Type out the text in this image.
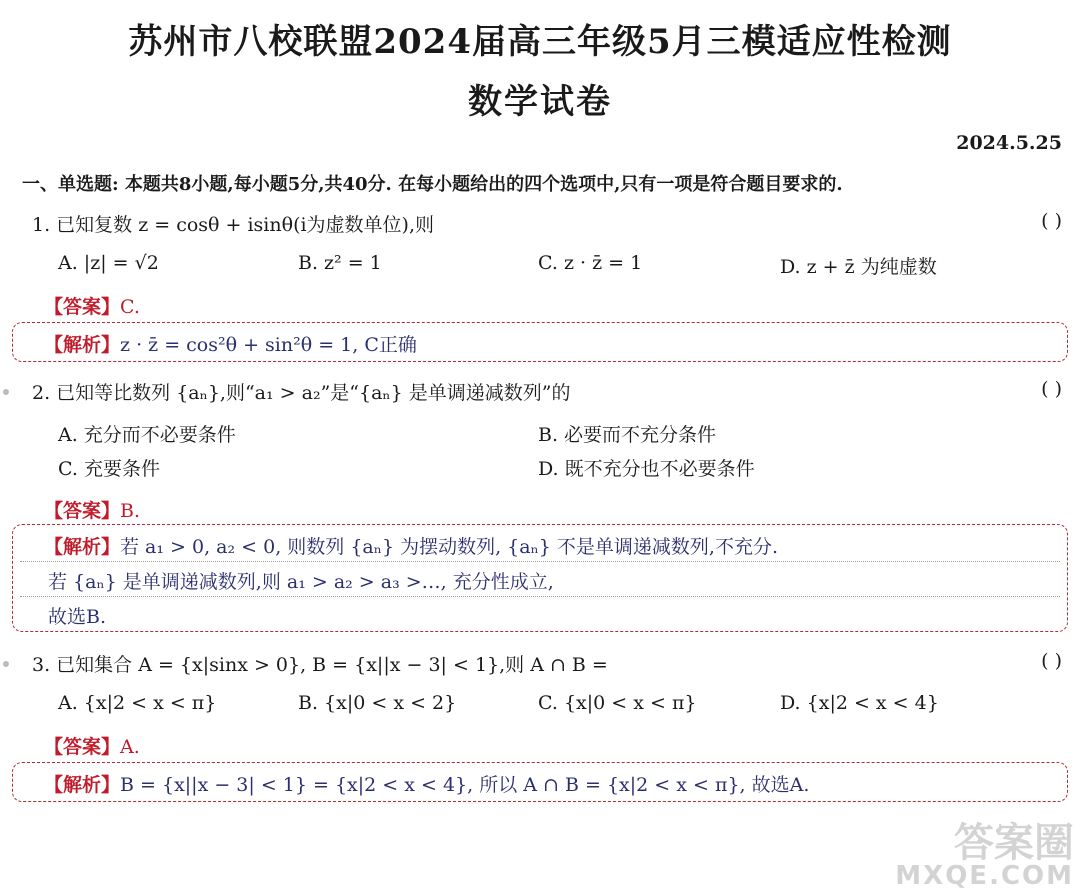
苏州市八校联盟2024届高三年级5月三模适应性检测
数学试卷
2024.5.25
一、单选题: 本题共8小题,每小题5分,共40分. 在每小题给出的四个选项中,只有一项是符合题目要求的.
1. 已知复数 z = cosθ + isinθ(i为虚数单位),则	( )
A. |z| = √2	B. z² = 1	C. z · z̄ = 1	D. z + z̄ 为纯虚数
【答案】C.
【解析】z · z̄ = cos²θ + sin²θ = 1, C正确
2. 已知等比数列 {aₙ},则“a₁ > a₂”是“{aₙ} 是单调递减数列”的	( )
A. 充分而不必要条件	B. 必要而不充分条件
C. 充要条件	D. 既不充分也不必要条件
【答案】B.
【解析】若 a₁ > 0, a₂ < 0, 则数列 {aₙ} 为摆动数列, {aₙ} 不是单调递减数列,不充分.
若 {aₙ} 是单调递减数列,则 a₁ > a₂ > a₃ >…, 充分性成立,
故选B.
3. 已知集合 A = {x|sinx > 0}, B = {x||x − 3| < 1},则 A ∩ B =	( )
A. {x|2 < x < π}	B. {x|0 < x < 2}	C. {x|0 < x < π}	D. {x|2 < x < 4}
【答案】A.
【解析】B = {x||x − 3| < 1} = {x|2 < x < 4}, 所以 A ∩ B = {x|2 < x < π}, 故选A.
答案圈
MXQE.COM
